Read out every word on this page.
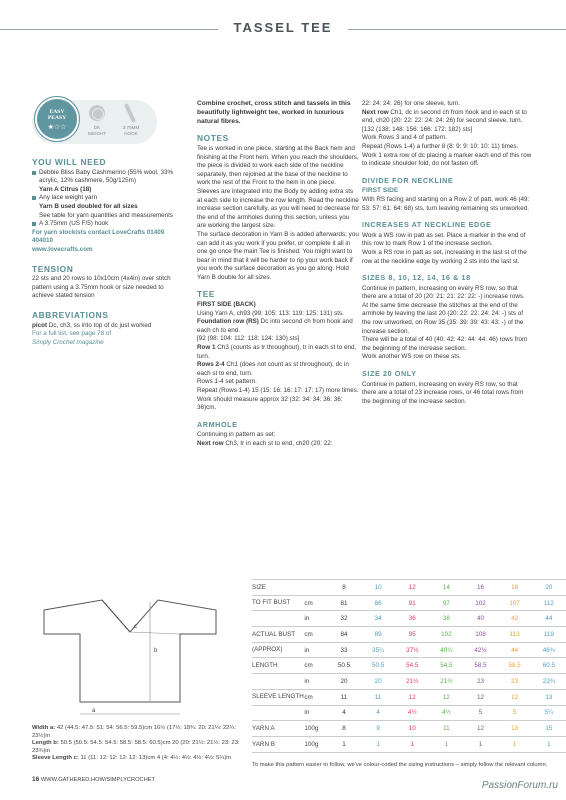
TASSEL TEE
EASY
PEASY
★☆☆	DK WEIGHT
3.75MM HOOK
YOU WILL NEED
Debbie Bliss Baby Cashmerino (55% wool, 33% acrylic, 12% cashmere, 50g/125m)
Yarn A Citrus (18)
Any lace weight yarn
Yarn B used doubled for all sizes
See table for yarn quantities and measurements
A 3.75mm (US F/5) hook
For yarn stockists contact LoveCrafts 01409 404010
www.lovecrafts.com
TENSION
22 sts and 20 rows to 10x10cm (4x4in) over stitch pattern using a 3.75mm hook or size needed to achieve stated tension
ABBREVIATIONS
picot Dc, ch3, ss into top of dc just worked
For a full list, see page 78 of
Simply Crochet magazine
Combine crochet, cross stitch and tassels in this beautifully lightweight tee, worked in luxurious natural fibres.
NOTES
Tee is worked in one piece, starting at the Back hem and finishing at the Front hem. When you reach the shoulders, the piece is divided to work each side of the neckline separately, then rejoined at the base of the neckline to work the rest of the Front to the hem in one piece. Sleeves are integrated into the Body by adding extra sts at each side to increase the row length. Read the neckline increase section carefully, as you will need to decrease for the end of the armholes during this section, unless you are working the largest size.
The surface decoration in Yarn B is added afterwards; you can add it as you work if you prefer, or complete it all in one go once the main Tee is finished. You might want to bear in mind that it will be harder to rip your work back if you work the surface decoration as you go along. Hold Yarn B double for all sizes.
TEE
FIRST SIDE (BACK)
Using Yarn A, ch93 (99: 105: 113: 119: 125: 131) sts.
Foundation row (RS) Dc into second ch from hook and each ch to end.
[92 (98: 104: 112: 118: 124: 130) sts]
Row 1 Ch3 (counts as tr throughout), tr in each st to end, turn.
Rows 2-4 Ch1 (does not count as st throughout), dc in each st to end, turn.
Rows 1-4 set pattern.
Repeat (Rows 1-4) 15 (15: 16: 16: 17: 17: 17) more times. Work should measure approx 32 (32: 34: 34: 36: 36: 36)cm.
ARMHOLE
Continuing in pattern as set:
Next row Ch3, tr in each st to end, ch20 (20: 22:
22: 24: 24: 26) for one sleeve, turn.
Next row Ch1, dc in second ch from hook and in each st to end, ch20 (20: 22: 22: 24: 24: 26) for second sleeve, turn.
[132 (138: 148: 156: 166: 172: 182) sts]
Work Rows 3 and 4 of pattern.
Repeat (Rows 1-4) a further 8 (8: 9: 9: 10: 10: 11) times.
Work 1 extra row of dc placing a marker each end of this row to indicate shoulder fold, do not fasten off.
DIVIDE FOR NECKLINE
FIRST SIDE
With RS facing and starting on a Row 2 of patt, work 46 (49: 53: 57: 61: 64: 68) sts, turn leaving remaining sts unworked.
INCREASES AT NECKLINE EDGE
Work a WS row in patt as set. Place a marker in the end of this row to mark Row 1 of the increase section.
Work a RS row in patt as set, increasing in the last st of the row at the neckline edge by working 2 sts into the last st.
SIZES 8, 10, 12, 14, 16 & 18
Continue in pattern, increasing on every RS row, so that there are a total of 20 (20: 21: 21: 22: 22: -) increase rows. At the same time decrease the stitches at the end of the armhole by leaving the last 20 (20: 22: 22: 24: 24: -) sts of the row unworked, on Row 35 (35: 39: 39: 43: 43: -) of the increase section.
There will be a total of 40 (40: 42: 42: 44: 44: 46) rows from the beginning of the increase section.
Work another WS row on these sts.
SIZE 20 ONLY
Continue in pattern, increasing on every RS row, so that there are a total of 23 increase rows, or 46 total rows from the beginning of the increase section.
b
c
a
Width a: 42 (44.5: 47.5: 51: 54: 56.5: 59.5)cm 16½ (17½: 18¾: 20: 21¼: 22¼: 23½)in
Length b: 50.5 (50.5: 54.5: 54.5: 58.5: 58.5: 60.5)cm 20 (20: 21½: 21½: 23: 23: 23¾)in
Sleeve Length c: 11 (11: 12: 12: 12: 12: 13)cm 4 (4: 4½: 4½: 4½: 4½: 5¼)in
SIZE		8	10	12	14	16	18	20
TO FIT BUST	cm	81	86	91	97	102	107	112
	in	32	34	36	38	40	42	44
ACTUAL BUST	cm	84	89	95	102	108	113	119
(APPROX)	in	33	35¼	37½	40¼	42½	44	46¾
LENGTH	cm	50.5	50.5	54.5	54.5	58.5	58.5	60.5
	in	20	20	21½	21½	23	23	23¾
SLEEVE LENGTH	cm	11	11	12	12	12	12	13
	in	4	4	4½	4½	5	5	5¼
YARN A	100g	8	9	10	11	12	13	15
YARN B	100g	1	1	1	1	1	1	1
To make this pattern easier to follow, we've colour-coded the sizing instructions – simply follow the relevant column.
16 WWW.GATHERED.HOW/SIMPLYCROCHET	PassionForum.ru
